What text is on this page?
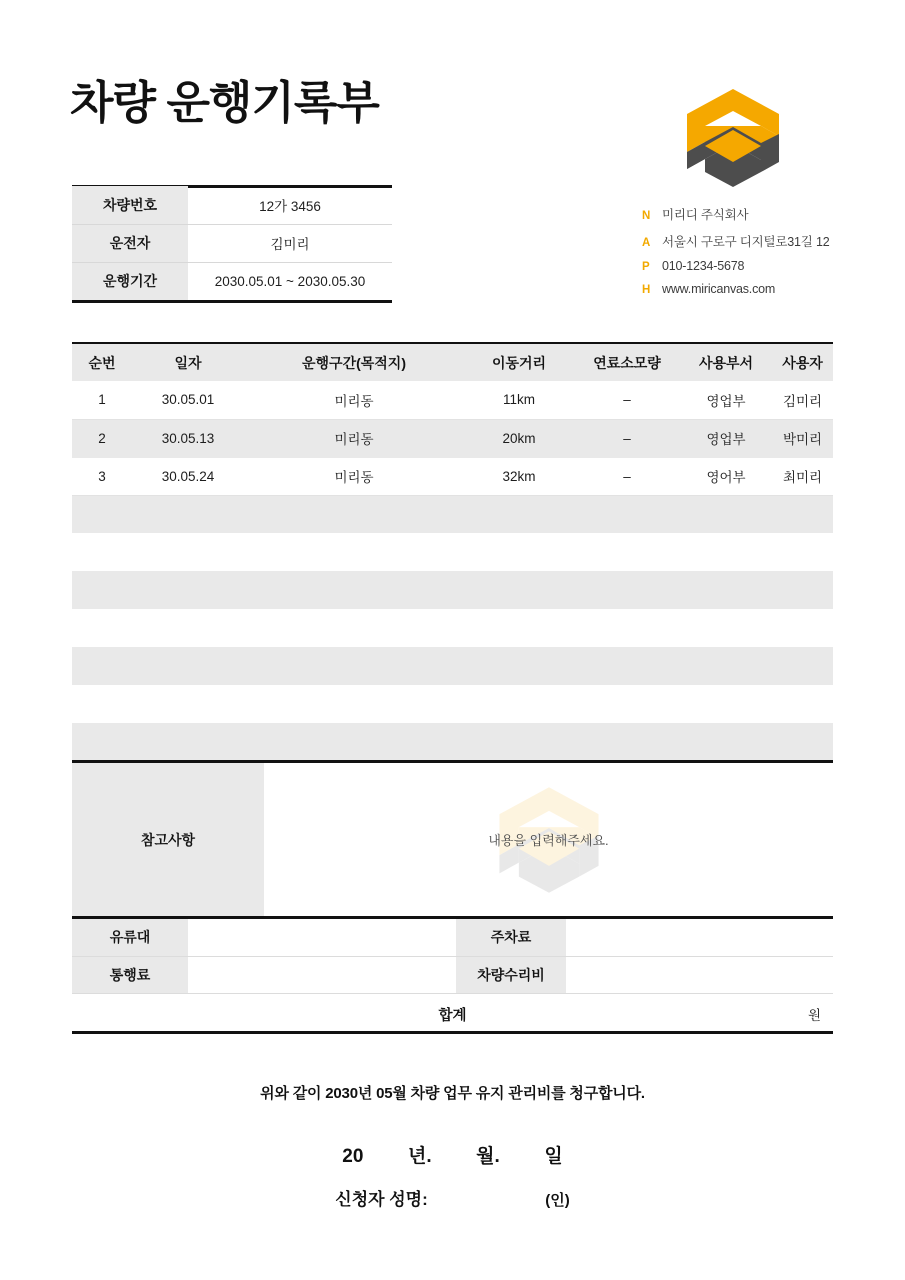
차량 운행기록부
N 미리디 주식회사
A 서울시 구로구 디지털로31길 12
P 010-1234-5678
H www.miricanvas.com
차량번호	12가 3456
운전자	김미리
운행기간	2030.05.01 ~ 2030.05.30
순번	일자	운행구간(목적지)	이동거리	연료소모량	사용부서	사용자
1	30.05.01	미리동	11km	–	영업부	김미리
2	30.05.13	미리동	20km	–	영업부	박미리
3	30.05.24	미리동	32km	–	영어부	최미리

참고사항	내용을 입력해주세요.
유류대		주차료	
통행료		차량수리비	
합계	원
위와 같이 2030년 05월 차량 업무 유지 관리비를 청구합니다.
20 년. 월. 일
신청자 성명:	(인)
